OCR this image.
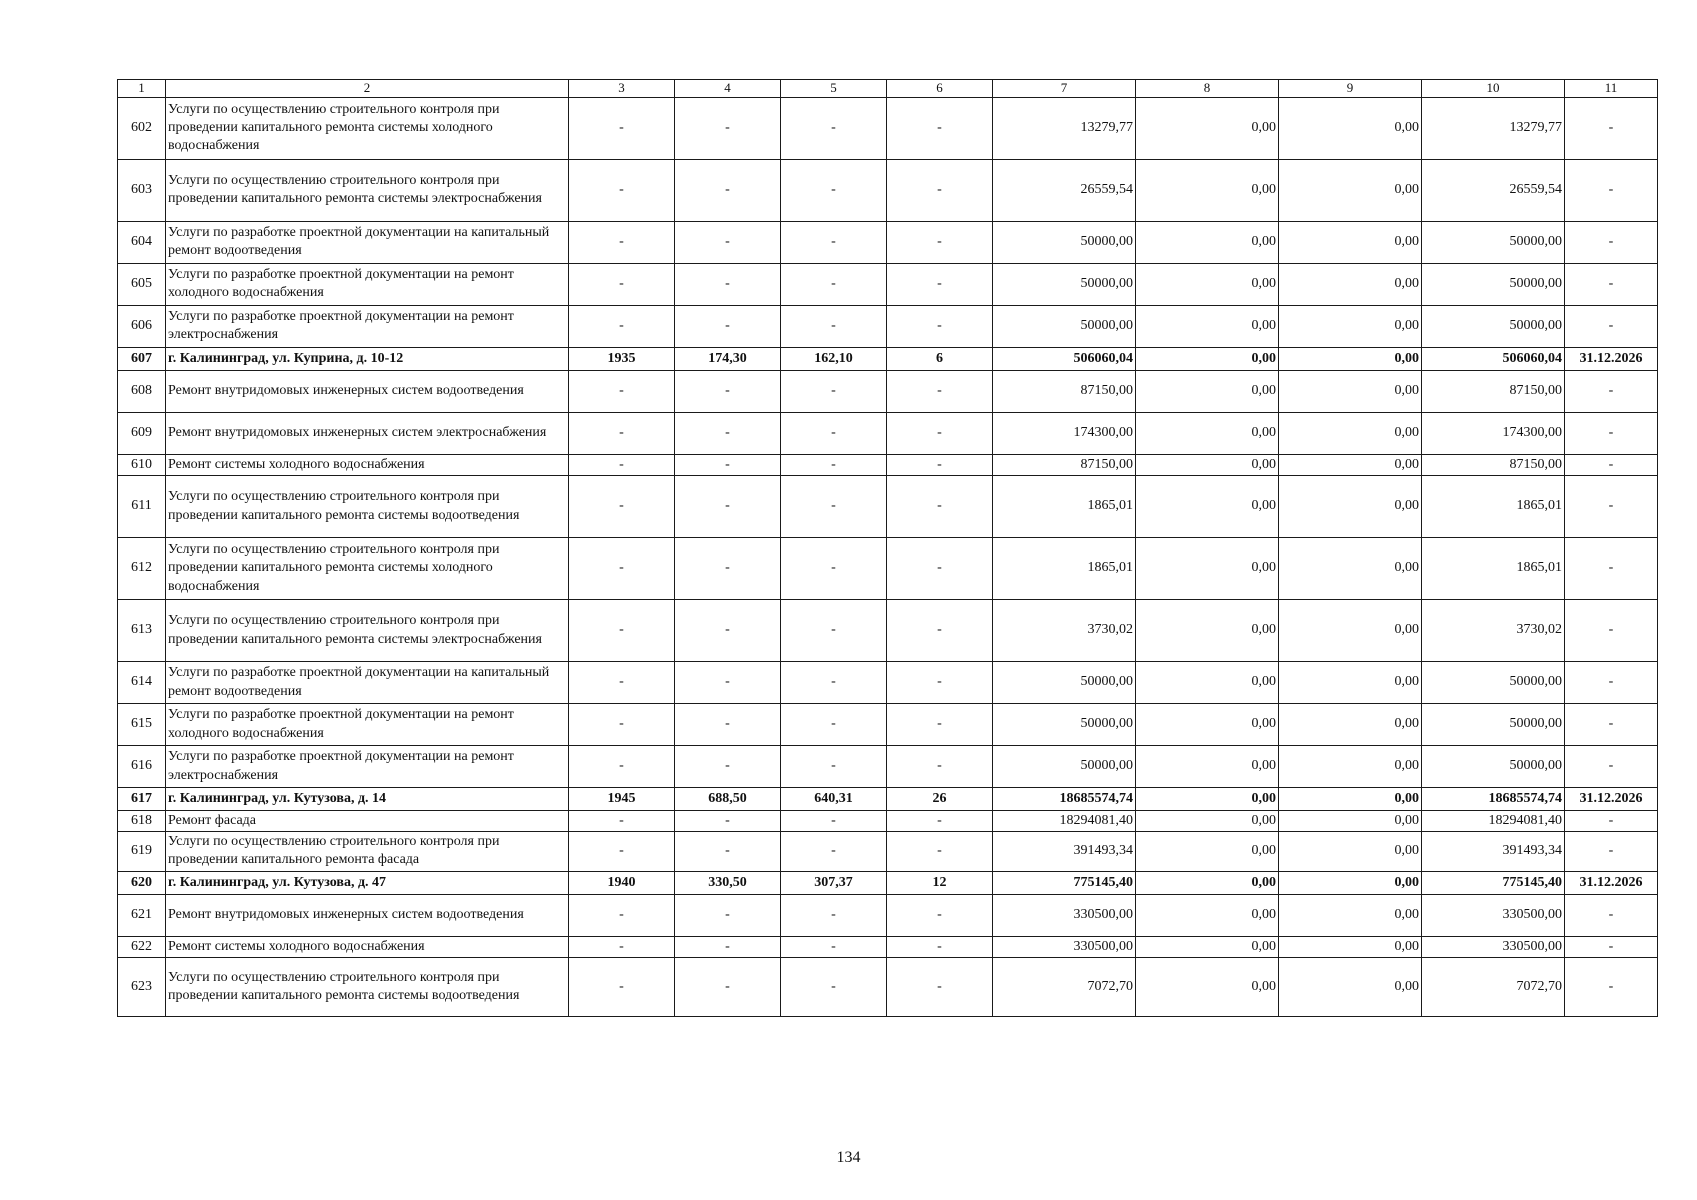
1	2	3	4	5	6	7	8	9	10	11
602	Услуги по осуществлению строительного контроля при проведении капитального ремонта системы холодного водоснабжения	-	-	-	-	13279,77	0,00	0,00	13279,77	-
603	Услуги по осуществлению строительного контроля при проведении капитального ремонта системы электроснабжения	-	-	-	-	26559,54	0,00	0,00	26559,54	-
604	Услуги по разработке проектной документации на капитальный ремонт водоотведения	-	-	-	-	50000,00	0,00	0,00	50000,00	-
605	Услуги по разработке проектной документации на ремонт холодного водоснабжения	-	-	-	-	50000,00	0,00	0,00	50000,00	-
606	Услуги по разработке проектной документации на ремонт электроснабжения	-	-	-	-	50000,00	0,00	0,00	50000,00	-
607	г. Калининград, ул. Куприна, д. 10-12	1935	174,30	162,10	6	506060,04	0,00	0,00	506060,04	31.12.2026
608	Ремонт внутридомовых инженерных систем водоотведения	-	-	-	-	87150,00	0,00	0,00	87150,00	-
609	Ремонт внутридомовых инженерных систем электроснабжения	-	-	-	-	174300,00	0,00	0,00	174300,00	-
610	Ремонт системы холодного водоснабжения	-	-	-	-	87150,00	0,00	0,00	87150,00	-
611	Услуги по осуществлению строительного контроля при проведении капитального ремонта системы водоотведения	-	-	-	-	1865,01	0,00	0,00	1865,01	-
612	Услуги по осуществлению строительного контроля при проведении капитального ремонта системы холодного водоснабжения	-	-	-	-	1865,01	0,00	0,00	1865,01	-
613	Услуги по осуществлению строительного контроля при проведении капитального ремонта системы электроснабжения	-	-	-	-	3730,02	0,00	0,00	3730,02	-
614	Услуги по разработке проектной документации на капитальный ремонт водоотведения	-	-	-	-	50000,00	0,00	0,00	50000,00	-
615	Услуги по разработке проектной документации на ремонт холодного водоснабжения	-	-	-	-	50000,00	0,00	0,00	50000,00	-
616	Услуги по разработке проектной документации на ремонт электроснабжения	-	-	-	-	50000,00	0,00	0,00	50000,00	-
617	г. Калининград, ул. Кутузова, д. 14	1945	688,50	640,31	26	18685574,74	0,00	0,00	18685574,74	31.12.2026
618	Ремонт фасада	-	-	-	-	18294081,40	0,00	0,00	18294081,40	-
619	Услуги по осуществлению строительного контроля при проведении капитального ремонта фасада	-	-	-	-	391493,34	0,00	0,00	391493,34	-
620	г. Калининград, ул. Кутузова, д. 47	1940	330,50	307,37	12	775145,40	0,00	0,00	775145,40	31.12.2026
621	Ремонт внутридомовых инженерных систем водоотведения	-	-	-	-	330500,00	0,00	0,00	330500,00	-
622	Ремонт системы холодного водоснабжения	-	-	-	-	330500,00	0,00	0,00	330500,00	-
623	Услуги по осуществлению строительного контроля при проведении капитального ремонта системы водоотведения	-	-	-	-	7072,70	0,00	0,00	7072,70	-
134
